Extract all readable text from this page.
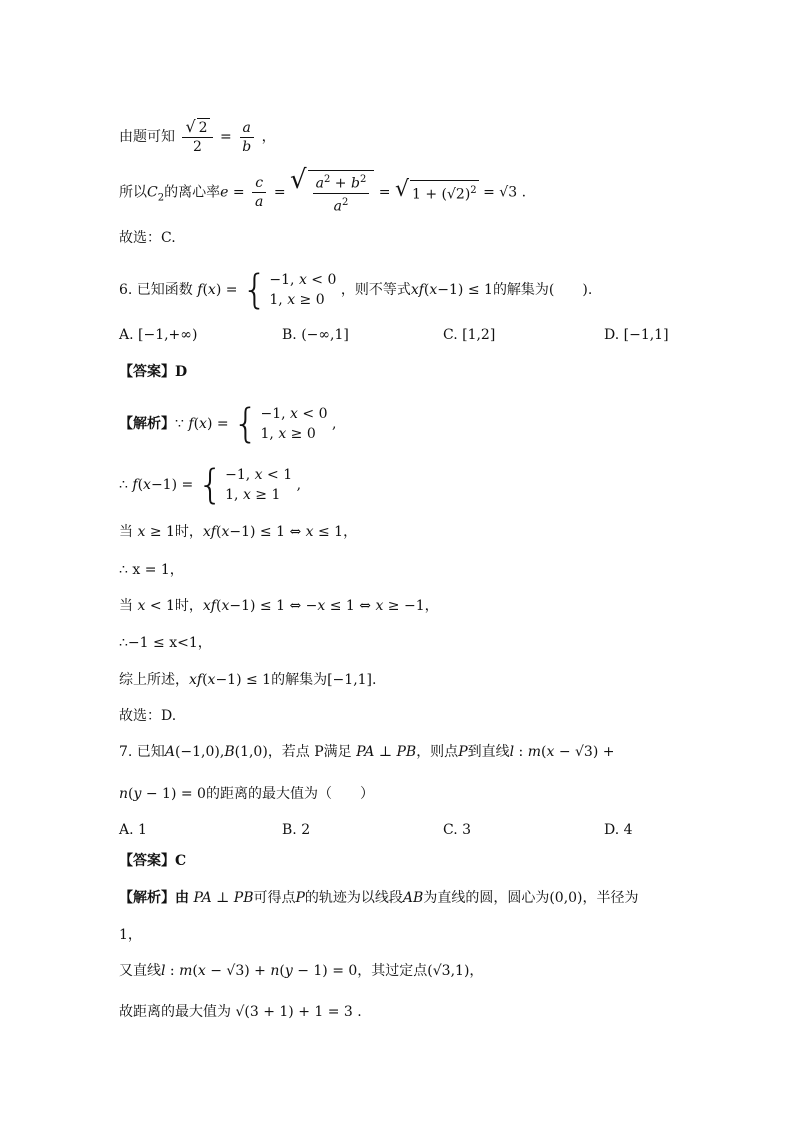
由题可知 $\frac{√ 2}{2} = \frac{a}{b}$ ，
所以$C_2$的离心率$e = \frac{c}{a}$ = √ $\frac{a^2 + b^2}{a^2}$ = √ $1 + (√2)^2 = √3$ .
故选：C.
6. 已知函数 f(x) = { −1, x < 0
1, x ≥ 0
，则不等式xf(x−1) ≤ 1的解集为(　　).
A. [−1,+∞)	B. (−∞,1]	C. [1,2]	D. [−1,1]
【答案】D
【解析】∵ f(x) = { −1, x < 0
1, x ≥ 0
,
∴ f(x−1) = { −1, x < 1
1, x ≥ 1
,
当 x ≥ 1时，xf(x−1) ≤ 1 ⇔ x ≤ 1，
∴ x = 1，
当 x < 1时，xf(x−1) ≤ 1 ⇔ −x ≤ 1 ⇔ x ≥ −1，
∴−1 ≤ x<1，
综上所述，xf(x−1) ≤ 1的解集为[−1,1].
故选：D.
7. 已知A(−1,0),B(1,0)，若点 P满足 PA ⊥ PB，则点P到直线l : m(x − √3) +
n(y − 1) = 0的距离的最大值为（　　）
A. 1	B. 2	C. 3	D. 4
【答案】C
【解析】由 PA ⊥ PB可得点P的轨迹为以线段AB为直线的圆，圆心为(0,0)，半径为
1，
又直线l : m(x − √3) + n(y − 1) = 0，其过定点(√3,1)，
故距离的最大值为 √(3 + 1) + 1 = 3 .
